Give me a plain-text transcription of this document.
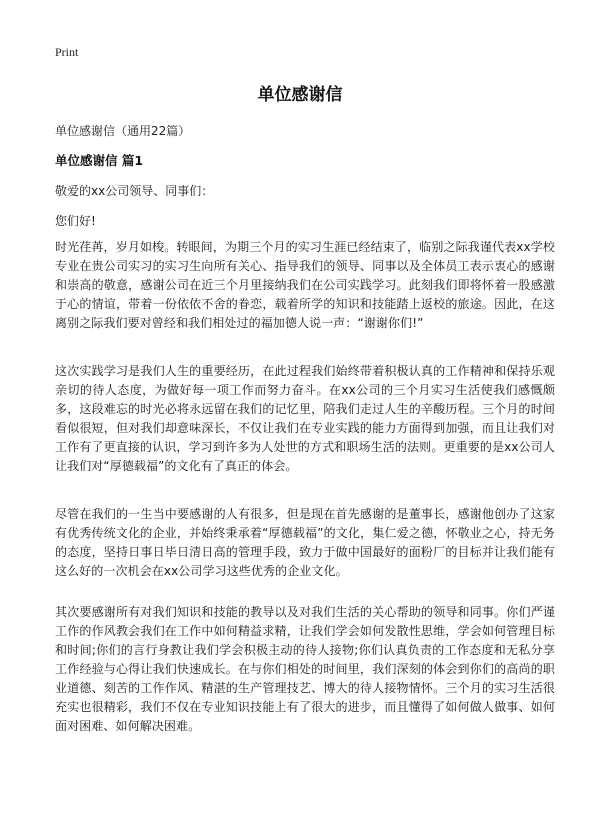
Print
单位感谢信
单位感谢信（通用22篇）
单位感谢信 篇1
敬爱的xx公司领导、同事们：
您们好!

时光荏苒，岁月如梭。转眼间，为期三个月的实习生涯已经结束了，临别之际我谨代表xx学校专业在贵公司实习的实习生向所有关心、指导我们的领导、同事以及全体员工表示衷心的感谢和崇高的敬意，感谢公司在近三个月里接纳我们在公司实践学习。此刻我们即将怀着一股感激于心的情谊，带着一份依依不舍的眷恋，载着所学的知识和技能踏上返校的旅途。因此，在这离别之际我们要对曾经和我们相处过的福加德人说一声：“谢谢你们!”

这次实践学习是我们人生的重要经历，在此过程我们始终带着积极认真的工作精神和保持乐观亲切的待人态度，为做好每一项工作而努力奋斗。在xx公司的三个月实习生活使我们感慨颇多，这段难忘的时光必将永远留在我们的记忆里，陪我们走过人生的辛酸历程。三个月的时间看似很短，但对我们却意味深长，不仅让我们在专业实践的能力方面得到加强，而且让我们对工作有了更直接的认识，学习到许多为人处世的方式和职场生活的法则。更重要的是xx公司人让我们对“厚德载福”的文化有了真正的体会。

尽管在我们的一生当中要感谢的人有很多，但是现在首先感谢的是董事长，感谢他创办了这家有优秀传统文化的企业，并始终秉承着“厚德载福”的文化，集仁爱之德，怀敬业之心，持无务的态度，坚持日事日毕日清日高的管理手段，致力于做中国最好的面粉厂的目标并让我们能有这么好的一次机会在xx公司学习这些优秀的企业文化。

其次要感谢所有对我们知识和技能的教导以及对我们生活的关心帮助的领导和同事。你们严谨工作的作风教会我们在工作中如何精益求精，让我们学会如何发散性思维，学会如何管理目标和时间;你们的言行身教让我们学会积极主动的待人接物;你们认真负责的工作态度和无私分享工作经验与心得让我们快速成长。在与你们相处的时间里，我们深刻的体会到你们的高尚的职业道德、刻苦的工作作风、精湛的生产管理技艺、博大的待人接物情怀。三个月的实习生活很充实也很精彩，我们不仅在专业知识技能上有了很大的进步，而且懂得了如何做人做事、如何面对困难、如何解决困难。
